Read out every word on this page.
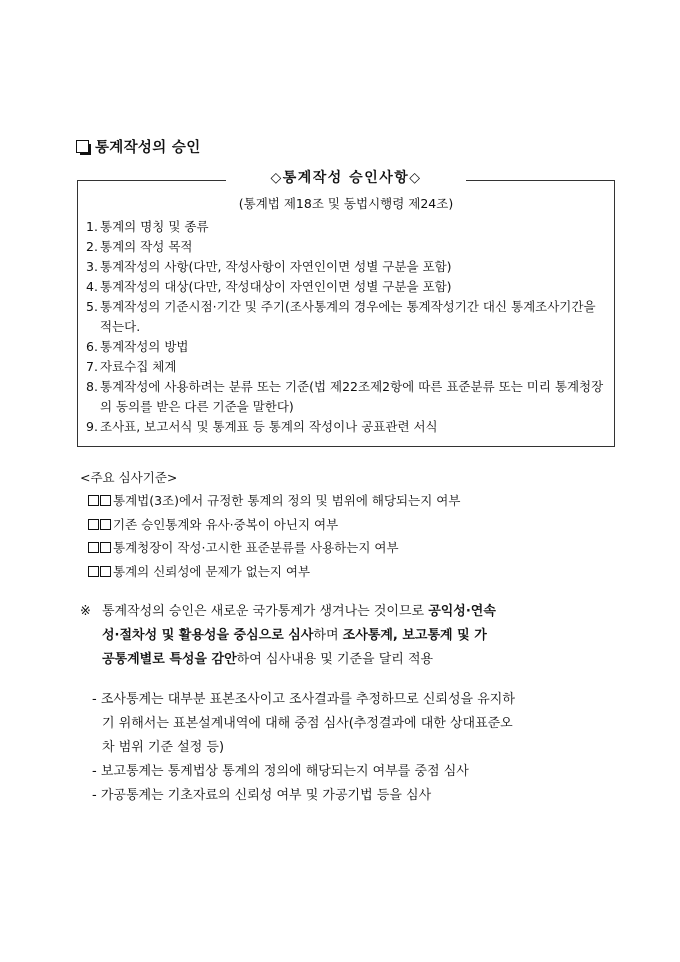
통계작성의 승인
◇통계작성 승인사항◇
(통계법 제18조 및 동법시행령 제24조)
1. 통계의 명칭 및 종류
2. 통계의 작성 목적
3. 통계작성의 사항(다만, 작성사항이 자연인이면 성별 구분을 포함)
4. 통계작성의 대상(다만, 작성대상이 자연인이면 성별 구분을 포함)
5. 통계작성의 기준시점·기간 및 주기(조사통계의 경우에는 통계작성기간 대신 통계조사기간을 적는다.
6. 통계작성의 방법
7. 자료수집 체계
8. 통계작성에 사용하려는 분류 또는 기준(법 제22조제2항에 따른 표준분류 또는 미리 통계청장의 동의를 받은 다른 기준을 말한다)
9. 조사표, 보고서식 및 통계표 등 통계의 작성이나 공표관련 서식
<주요 심사기준>
통계법(3조)에서 규정한 통계의 정의 및 범위에 해당되는지 여부
기존 승인통계와 유사·중복이 아닌지 여부
통계청장이 작성·고시한 표준분류를 사용하는지 여부
통계의 신뢰성에 문제가 없는지 여부
※ 통계작성의 승인은 새로운 국가통계가 생겨나는 것이므로 공익성·연속
성·절차성 및 활용성을 중심으로 심사하며 조사통계, 보고통계 및 가
공통계별로 특성을 감안하여 심사내용 및 기준을 달리 적용
- 조사통계는 대부분 표본조사이고 조사결과를 추정하므로 신뢰성을 유지하
기 위해서는 표본설계내역에 대해 중점 심사(추정결과에 대한 상대표준오
차 범위 기준 설정 등)
- 보고통계는 통계법상 통계의 정의에 해당되는지 여부를 중점 심사
- 가공통계는 기초자료의 신뢰성 여부 및 가공기법 등을 심사
